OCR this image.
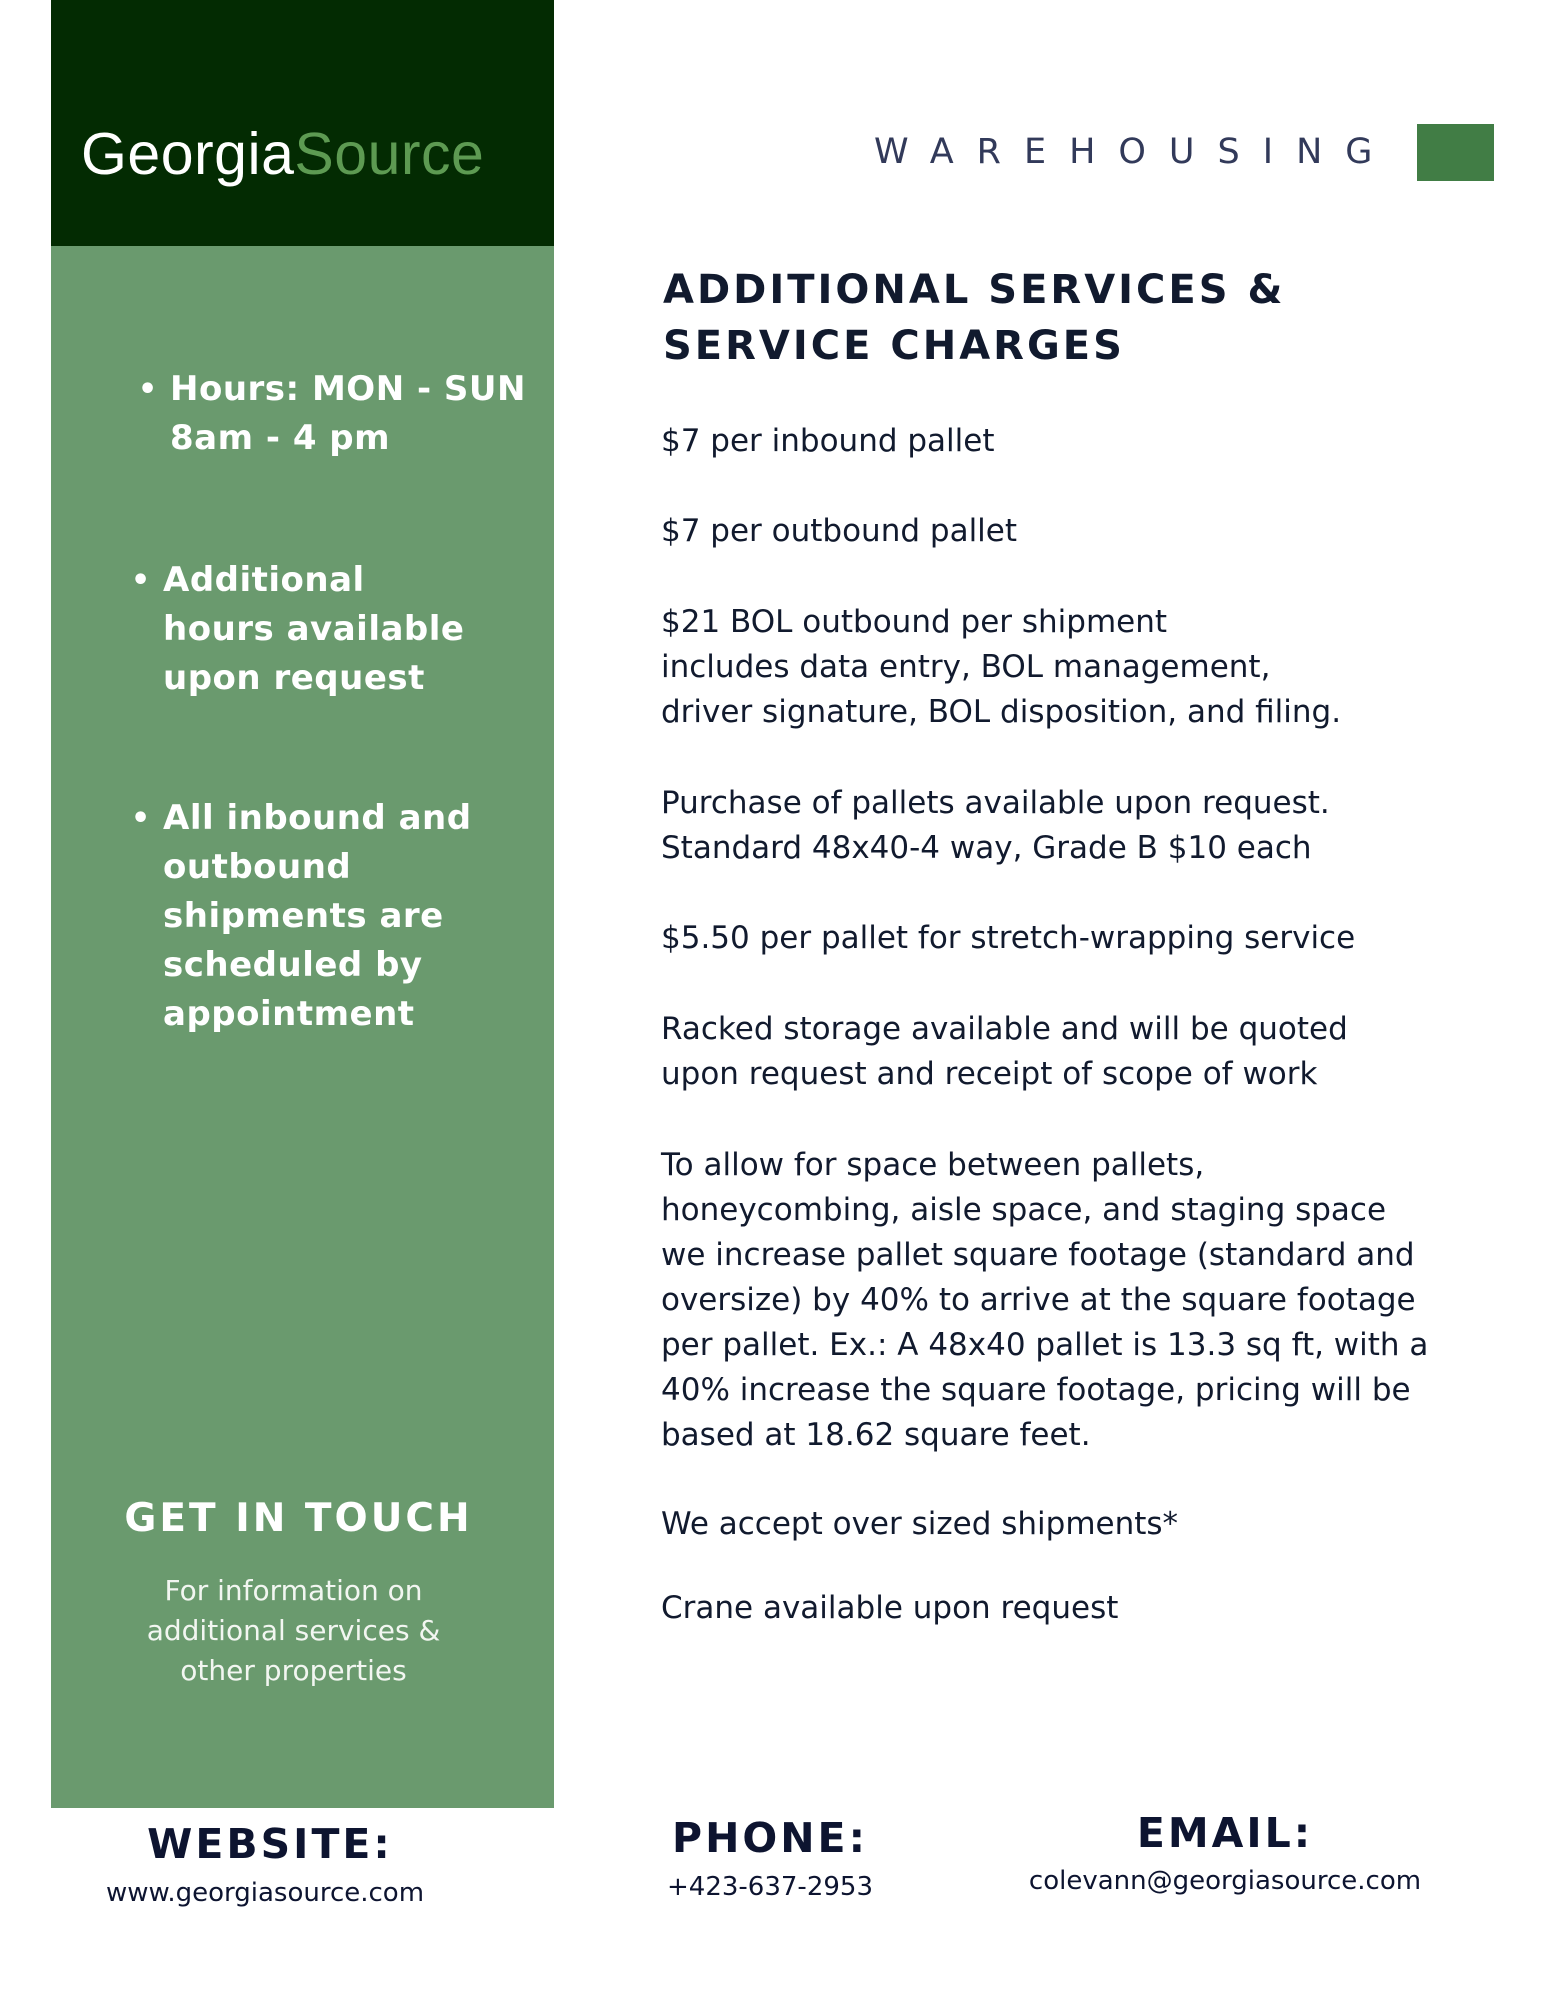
GeorgiaSource
• Hours: MON - SUN
8am - 4 pm
• Additional
hours available
upon request
• All inbound and
outbound
shipments are
scheduled by
appointment
GET IN TOUCH
For information on
additional services &
other properties
WAREHOUSING
ADDITIONAL SERVICES &
SERVICE CHARGES
$7 per inbound pallet
$7 per outbound pallet
$21 BOL outbound per shipment
includes data entry, BOL management,
driver signature, BOL disposition, and filing.
Purchase of pallets available upon request.
Standard 48x40-4 way, Grade B $10 each
$5.50 per pallet for stretch-wrapping service
Racked storage available and will be quoted
upon request and receipt of scope of work
To allow for space between pallets,
honeycombing, aisle space, and staging space
we increase pallet square footage (standard and
oversize) by 40% to arrive at the square footage
per pallet. Ex.: A 48x40 pallet is 13.3 sq ft, with a
40% increase the square footage, pricing will be
based at 18.62 square feet.
We accept over sized shipments*
Crane available upon request
WEBSITE:
www.georgiasource.com
PHONE:
+423-637-2953
EMAIL:
colevann@georgiasource.com
